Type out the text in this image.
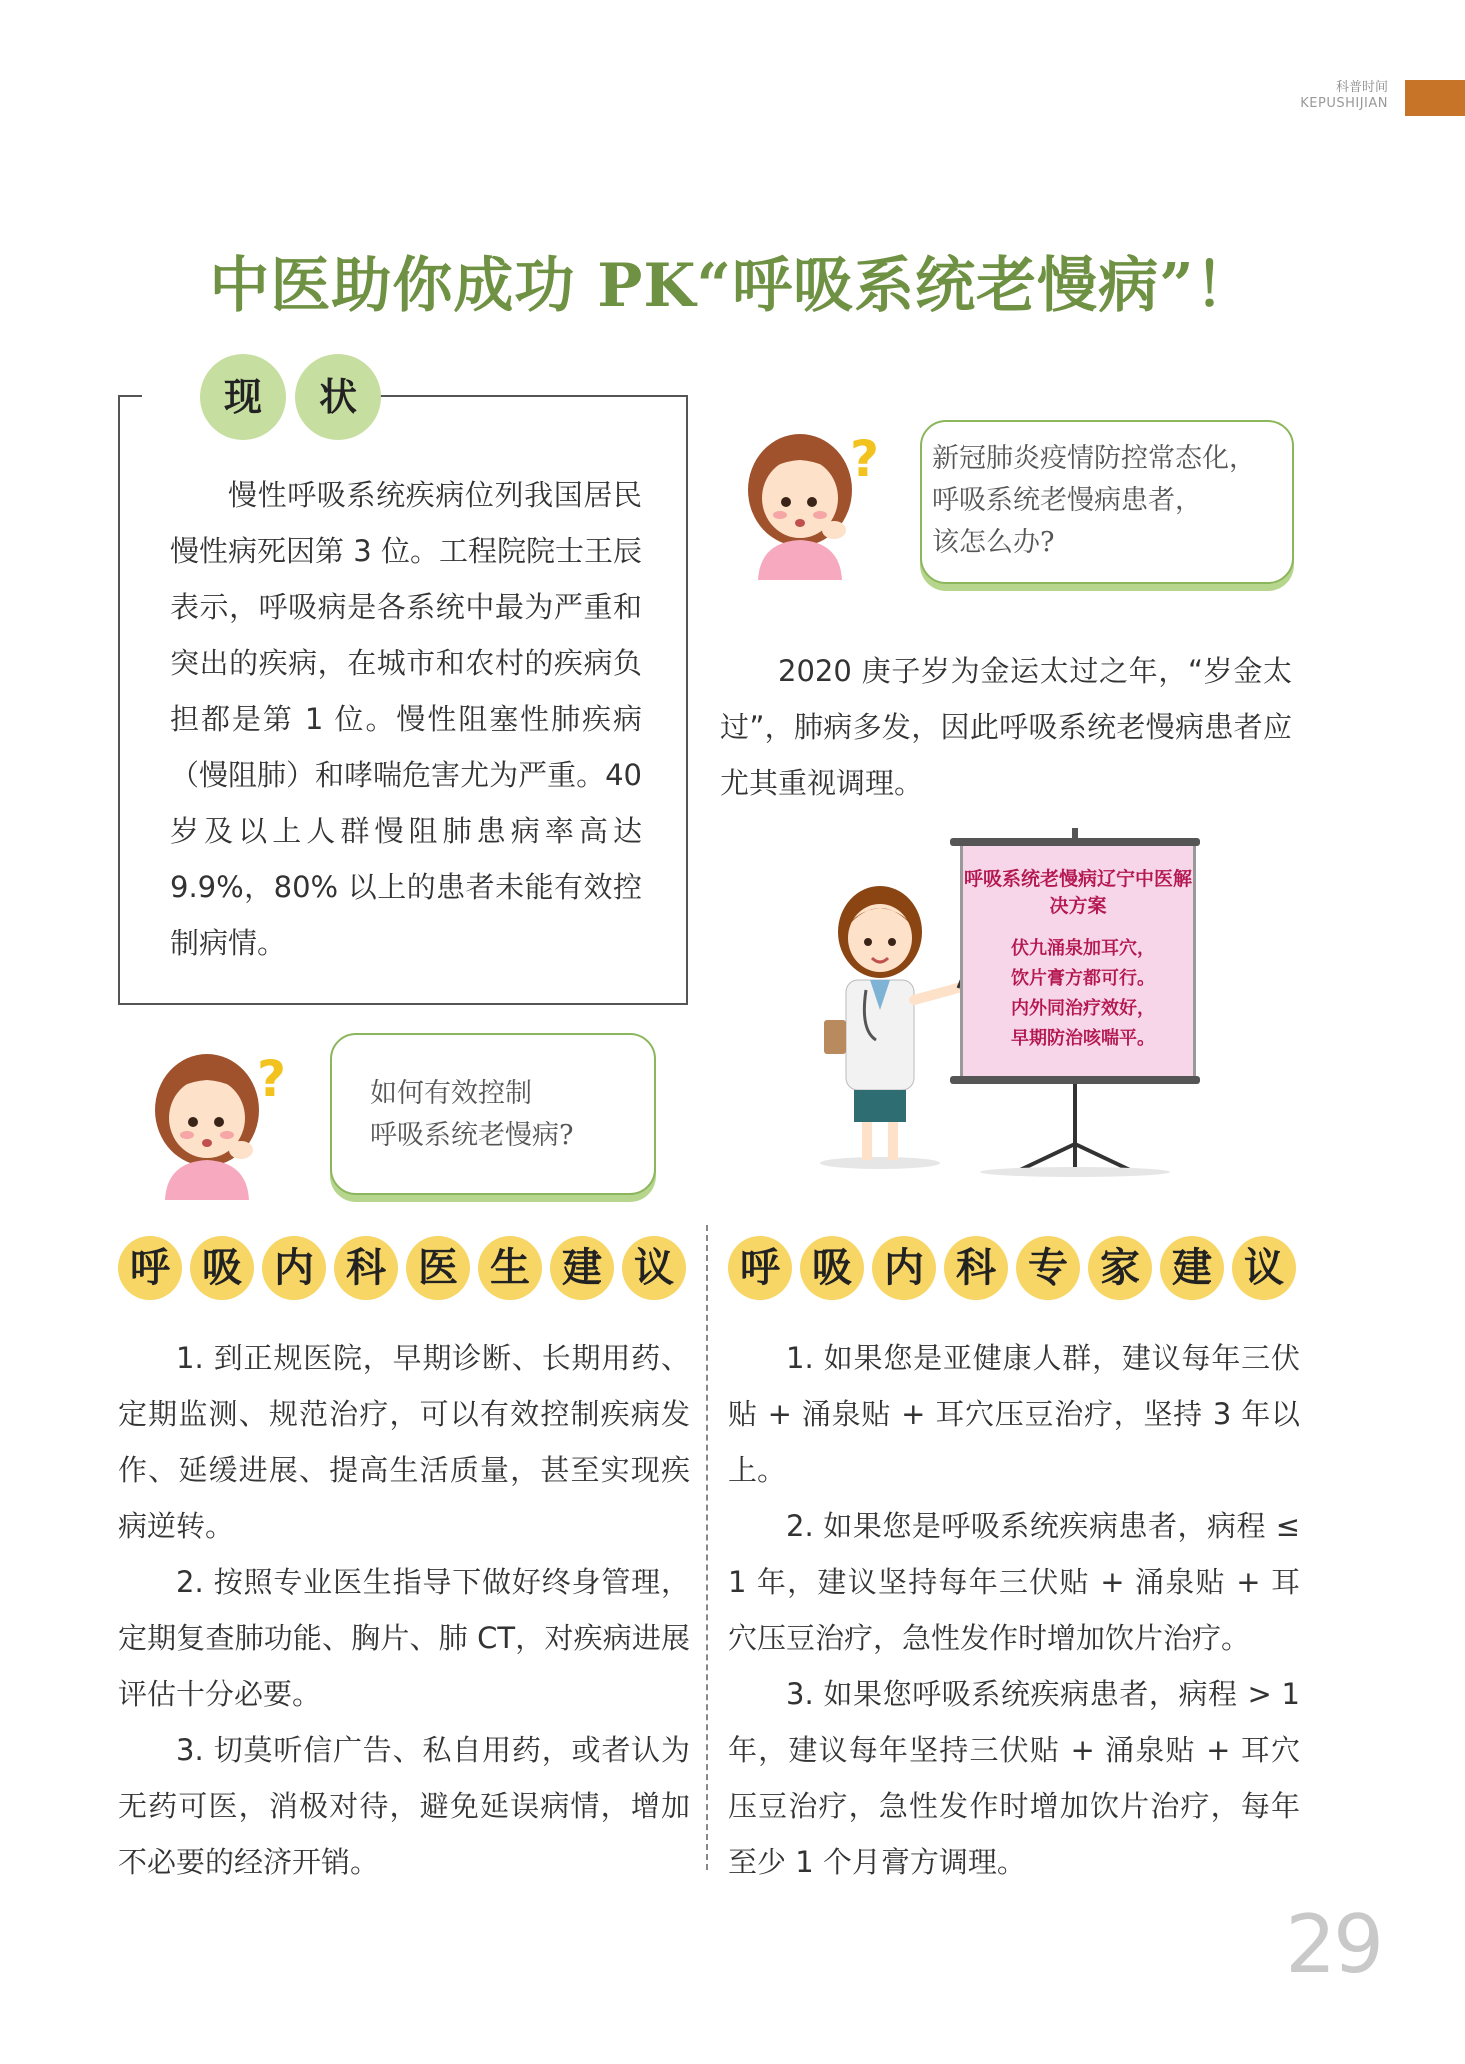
科普时间
KEPUSHIJIAN
中医助你成功 PK“呼吸系统老慢病”！
现	状

慢性呼吸系统疾病位列我国居民慢性病死因第 3 位。工程院院士王辰表示，呼吸病是各系统中最为严重和突出的疾病，在城市和农村的疾病负担都是第 1 位。慢性阻塞性肺疾病（慢阻肺）和哮喘危害尤为严重。40 岁及以上人群慢阻肺患病率高达 9.9%，80% 以上的患者未能有效控制病情。

? 新冠肺炎疫情防控常态化，
呼吸系统老慢病患者，
该怎么办?

2020 庚子岁为金运太过之年，“岁金太过”，肺病多发，因此呼吸系统老慢病患者应尤其重视调理。

呼吸系统老慢病辽宁中医解决方案
伏九涌泉加耳穴，
饮片膏方都可行。
内外同治疗效好，
早期防治咳喘平。
?	如何有效控制
呼吸系统老慢病?
呼 吸 内 科 医 生 建 议	呼 吸 内 科 专 家 建 议

1. 到正规医院，早期诊断、长期用药、定期监测、规范治疗，可以有效控制疾病发作、延缓进展、提高生活质量，甚至实现疾病逆转。

2. 按照专业医生指导下做好终身管理，定期复查肺功能、胸片、肺 CT，对疾病进展评估十分必要。

3. 切莫听信广告、私自用药，或者认为无药可医，消极对待，避免延误病情，增加不必要的经济开销。

1. 如果您是亚健康人群，建议每年三伏贴 + 涌泉贴 + 耳穴压豆治疗，坚持 3 年以上。

2. 如果您是呼吸系统疾病患者，病程 ≤ 1 年，建议坚持每年三伏贴 + 涌泉贴 + 耳穴压豆治疗，急性发作时增加饮片治疗。

3. 如果您呼吸系统疾病患者，病程 > 1 年，建议每年坚持三伏贴 + 涌泉贴 + 耳穴压豆治疗，急性发作时增加饮片治疗，每年至少 1 个月膏方调理。

29
